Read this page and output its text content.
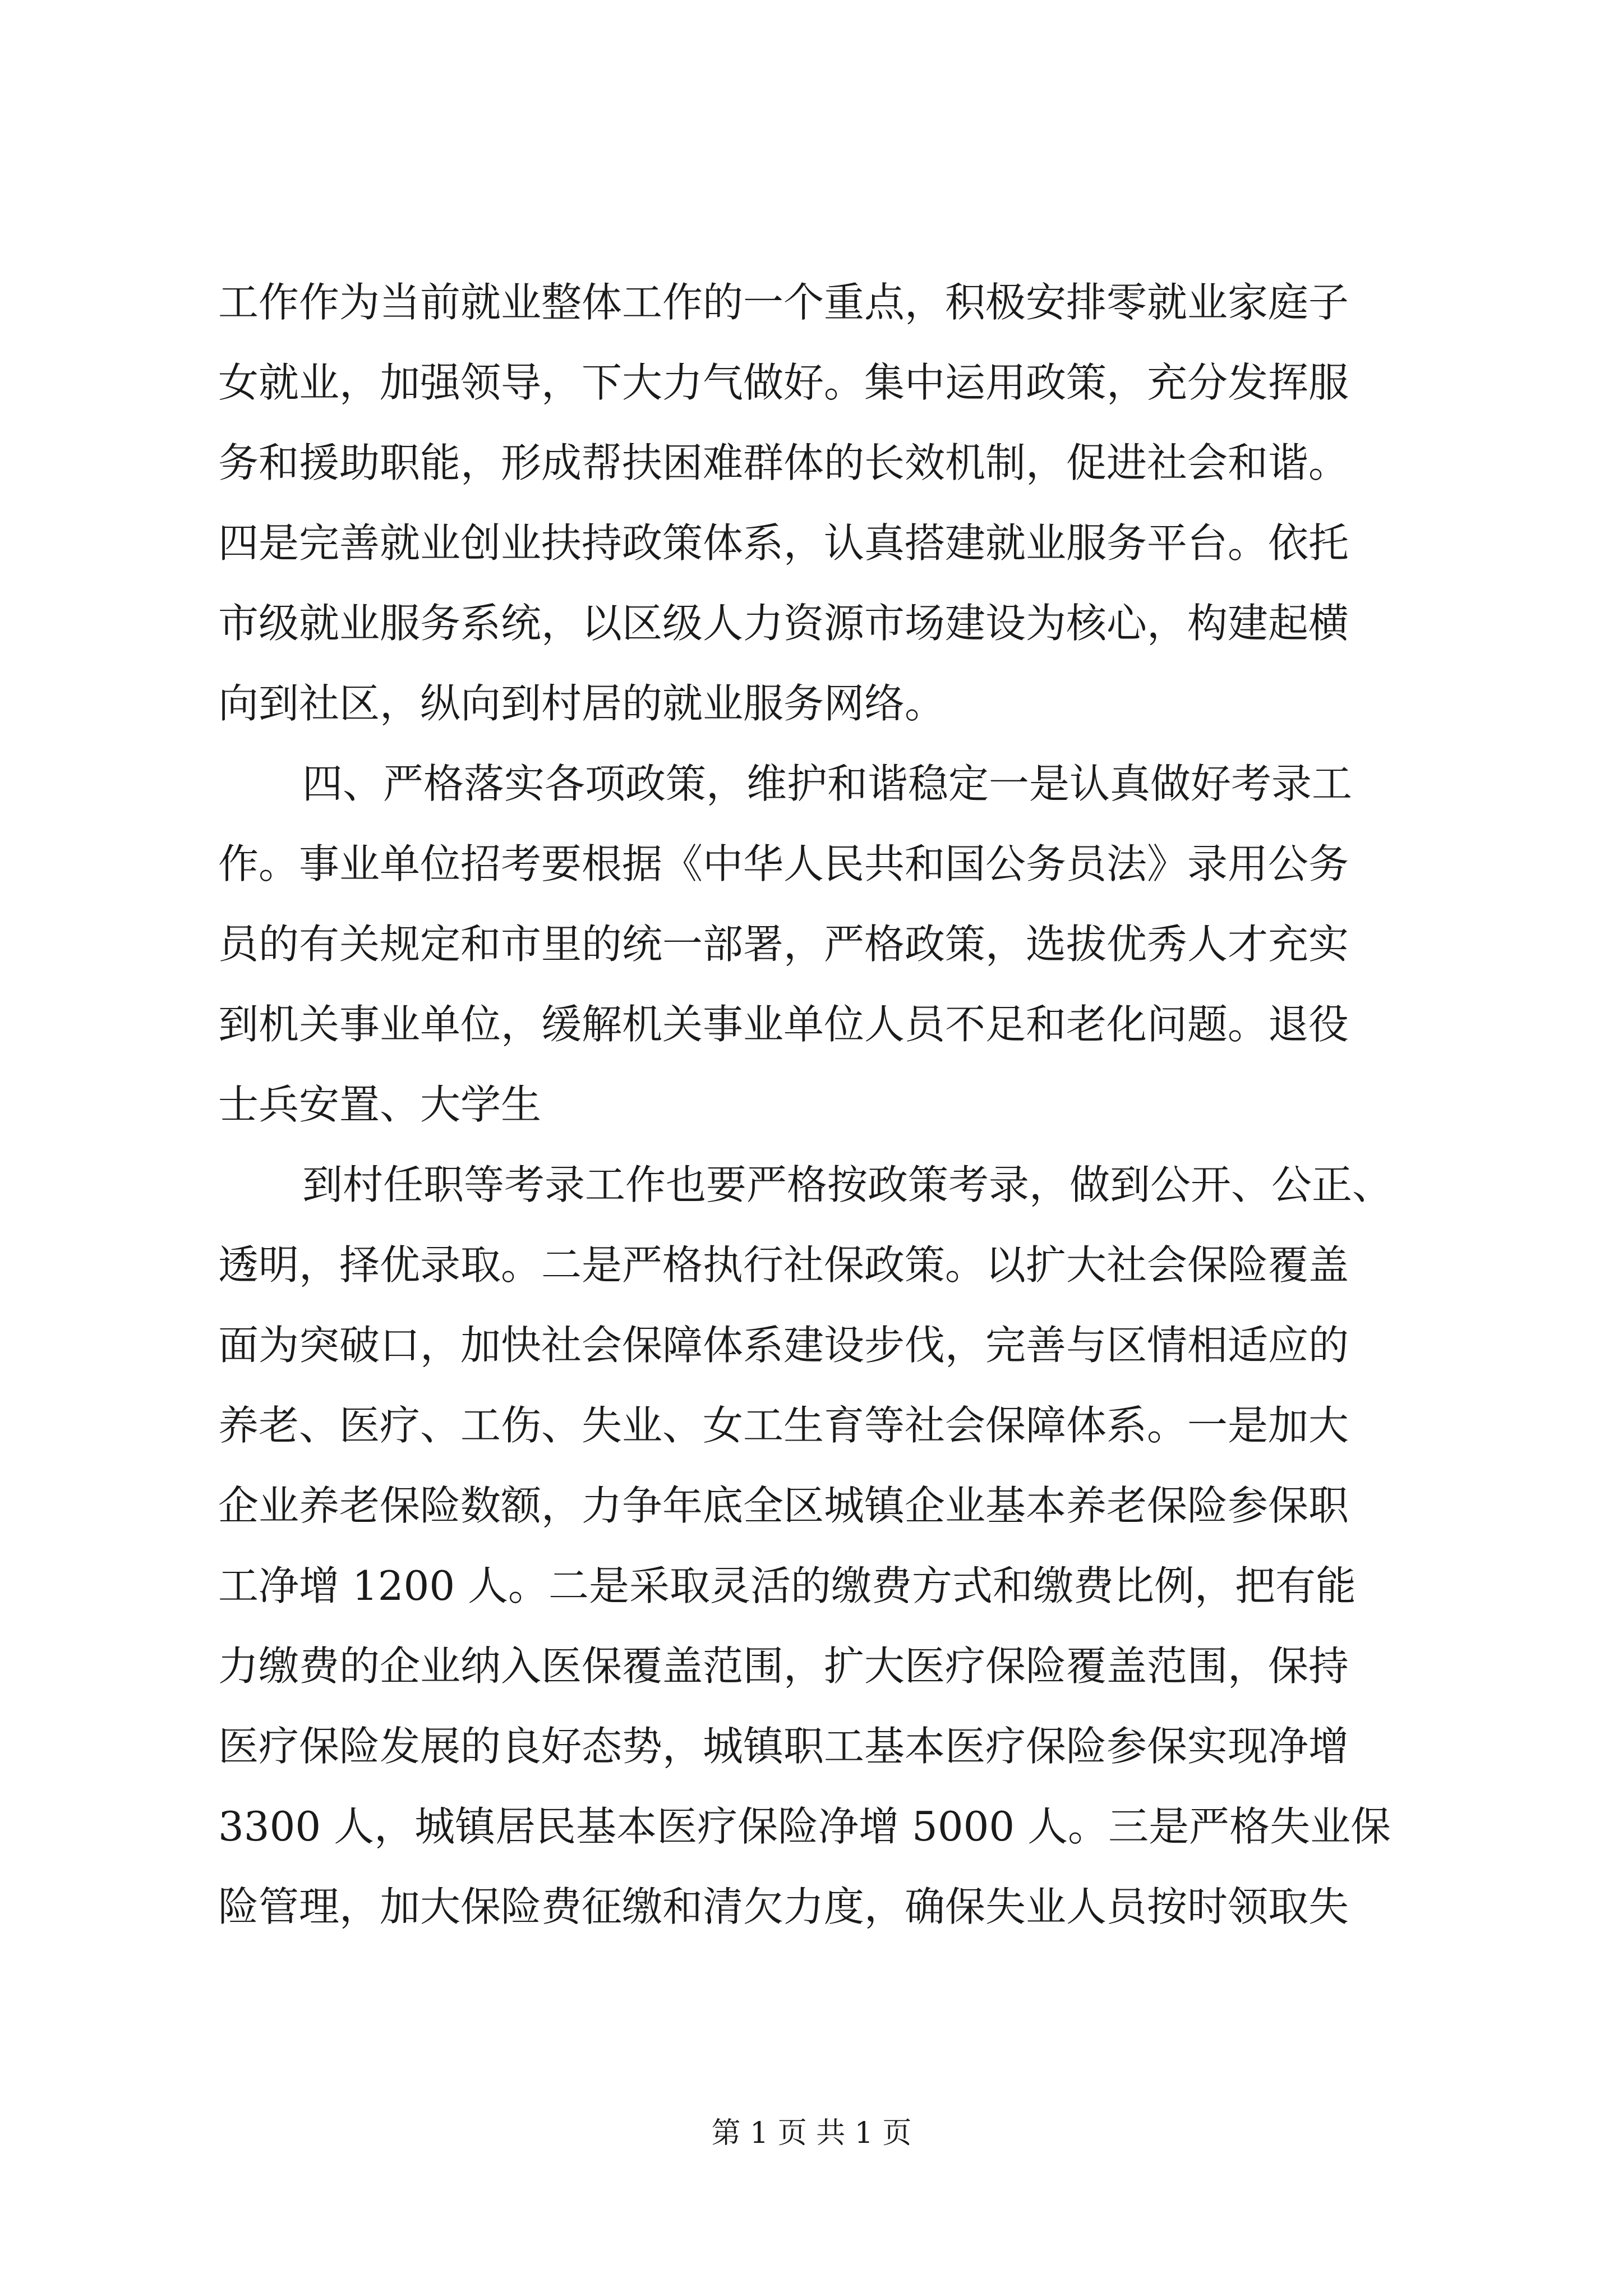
工作作为当前就业整体工作的一个重点，积极安排零就业家庭子
女就业，加强领导，下大力气做好。集中运用政策，充分发挥服
务和援助职能，形成帮扶困难群体的长效机制，促进社会和谐。
四是完善就业创业扶持政策体系，认真搭建就业服务平台。依托
市级就业服务系统，以区级人力资源市场建设为核心，构建起横
向到社区，纵向到村居的就业服务网络。
四、严格落实各项政策，维护和谐稳定一是认真做好考录工
作。事业单位招考要根据《中华人民共和国公务员法》录用公务
员的有关规定和市里的统一部署，严格政策，选拔优秀人才充实
到机关事业单位，缓解机关事业单位人员不足和老化问题。退役
士兵安置、大学生
到村任职等考录工作也要严格按政策考录，做到公开、公正、
透明，择优录取。二是严格执行社保政策。以扩大社会保险覆盖
面为突破口，加快社会保障体系建设步伐，完善与区情相适应的
养老、医疗、工伤、失业、女工生育等社会保障体系。一是加大
企业养老保险数额，力争年底全区城镇企业基本养老保险参保职
工净增 1200 人。二是采取灵活的缴费方式和缴费比例，把有能
力缴费的企业纳入医保覆盖范围，扩大医疗保险覆盖范围，保持
医疗保险发展的良好态势，城镇职工基本医疗保险参保实现净增
3300 人，城镇居民基本医疗保险净增 5000 人。三是严格失业保
险管理，加大保险费征缴和清欠力度，确保失业人员按时领取失
第 1 页 共 1 页
